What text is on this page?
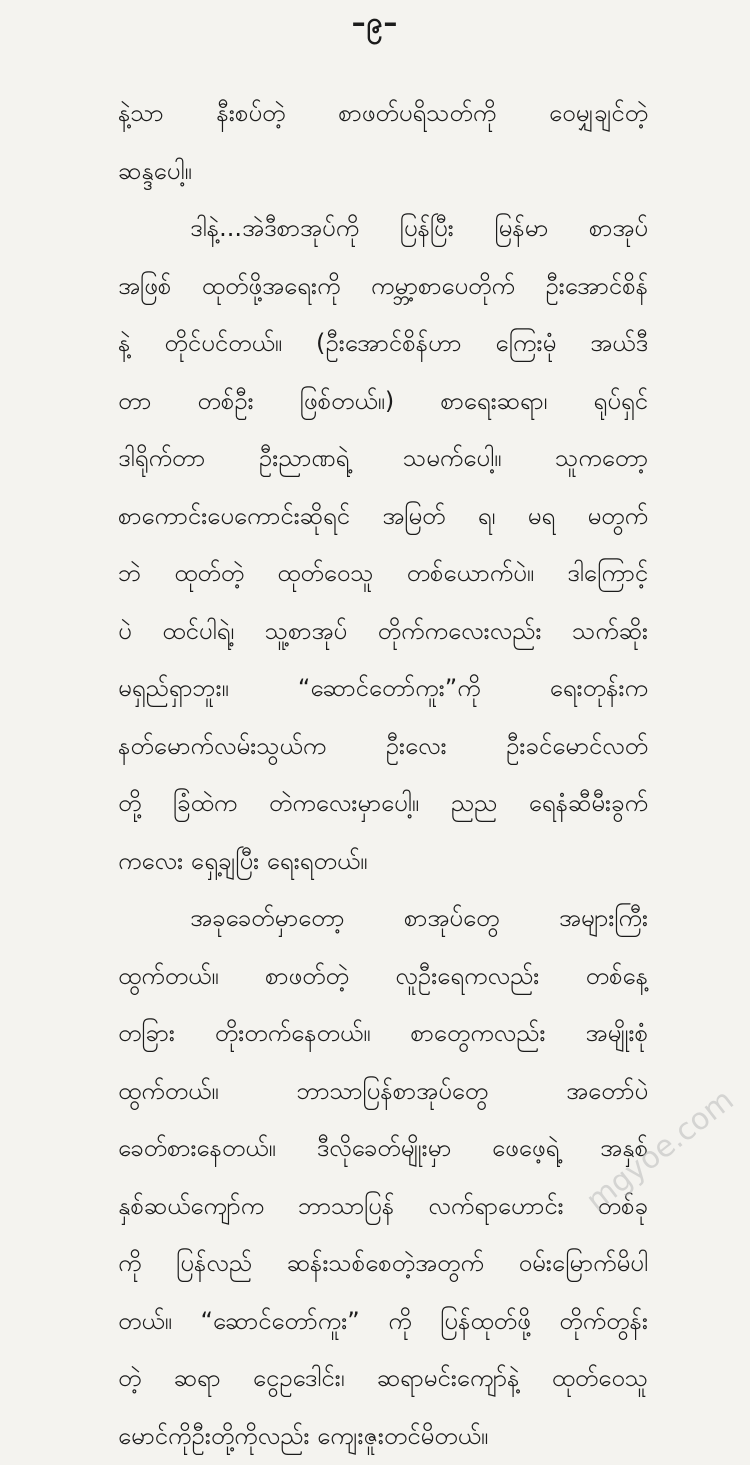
–၉–
နဲ့သာ နီးစပ်တဲ့ စာဖတ်ပရိသတ်ကို ဝေမျှချင်တဲ့
ဆန္ဒပေါ့။
ဒါနဲ့...အဲဒီစာအုပ်ကို ပြန်ပြီး မြန်မာ စာအုပ်
အဖြစ် ထုတ်ဖို့အရေးကို ကမ္ဘာ့စာပေတိုက် ဦးအောင်စိန်
နဲ့ တိုင်ပင်တယ်။ (ဦးအောင်စိန်ဟာ ကြေးမုံ အယ်ဒီ
တာ တစ်ဦး ဖြစ်တယ်။) စာရေးဆရာ၊ ရုပ်ရှင်
ဒါရိုက်တာ ဦးညာဏရဲ့ သမက်ပေါ့။ သူကတော့
စာကောင်းပေကောင်းဆိုရင် အမြတ် ရ၊ မရ မတွက်
ဘဲ ထုတ်တဲ့ ထုတ်ဝေသူ တစ်ယောက်ပဲ။ ဒါကြောင့်
ပဲ ထင်ပါရဲ့၊ သူ့စာအုပ် တိုက်ကလေးလည်း သက်ဆိုး
မရှည်ရှာဘူး။ “ဆောင်တော်ကူး”ကို ရေးတုန်းက
နတ်မောက်လမ်းသွယ်က ဦးလေး ဦးခင်မောင်လတ်
တို့ ခြံထဲက တဲကလေးမှာပေါ့။ ညည ရေနံဆီမီးခွက်
ကလေး ရှေ့ချပြီး ရေးရတယ်။
အခုခေတ်မှာတော့ စာအုပ်တွေ အများကြီး
ထွက်တယ်။ စာဖတ်တဲ့ လူဦးရေကလည်း တစ်နေ့
တခြား တိုးတက်နေတယ်။ စာတွေကလည်း အမျိုးစုံ
ထွက်တယ်။ ဘာသာပြန်စာအုပ်တွေ အတော်ပဲ
ခေတ်စားနေတယ်။ ဒီလိုခေတ်မျိုးမှာ ဖေဖေ့ရဲ့ အနှစ်
နှစ်ဆယ်ကျော်က ဘာသာပြန် လက်ရာဟောင်း တစ်ခု
ကို ပြန်လည် ဆန်းသစ်စေတဲ့အတွက် ဝမ်းမြောက်မိပါ
တယ်။ “ဆောင်တော်ကူး” ကို ပြန်ထုတ်ဖို့ တိုက်တွန်း
တဲ့ ဆရာ ငွေဥဒေါင်း၊ ဆရာမင်းကျော်နဲ့ ထုတ်ဝေသူ
မောင်ကိုဦးတို့ကိုလည်း ကျေးဇူးတင်မိတယ်။
mgyoe.com
